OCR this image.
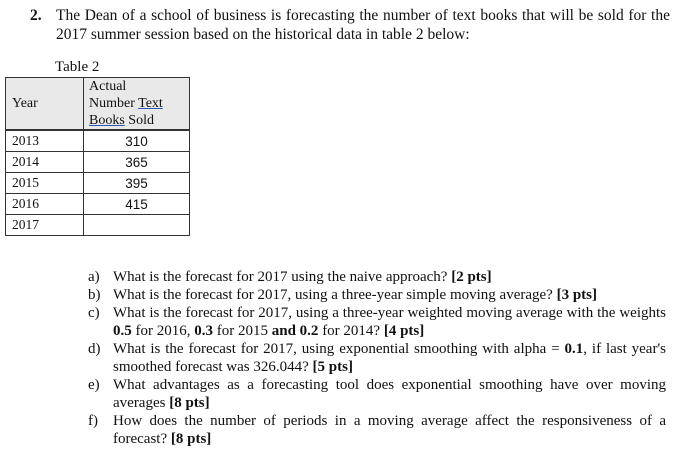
2. The Dean of a school of business is forecasting the number of text books that will be sold for the 2017 summer session based on the historical data in table 2 below:
Table 2
Year	Actual
Number Text
Books Sold
2013	310
2014	365
2015	395
2016	415
2017	
a) What is the forecast for 2017 using the naive approach? [2 pts]
b) What is the forecast for 2017, using a three-year simple moving average? [3 pts]
c) What is the forecast for 2017, using a three-year weighted moving average with the weights 0.5 for 2016, 0.3 for 2015 and 0.2 for 2014? [4 pts]
d) What is the forecast for 2017, using exponential smoothing with alpha = 0.1, if last year's smoothed forecast was 326.044? [5 pts]
e) What advantages as a forecasting tool does exponential smoothing have over moving averages [8 pts]
f) How does the number of periods in a moving average affect the responsiveness of a forecast? [8 pts]
